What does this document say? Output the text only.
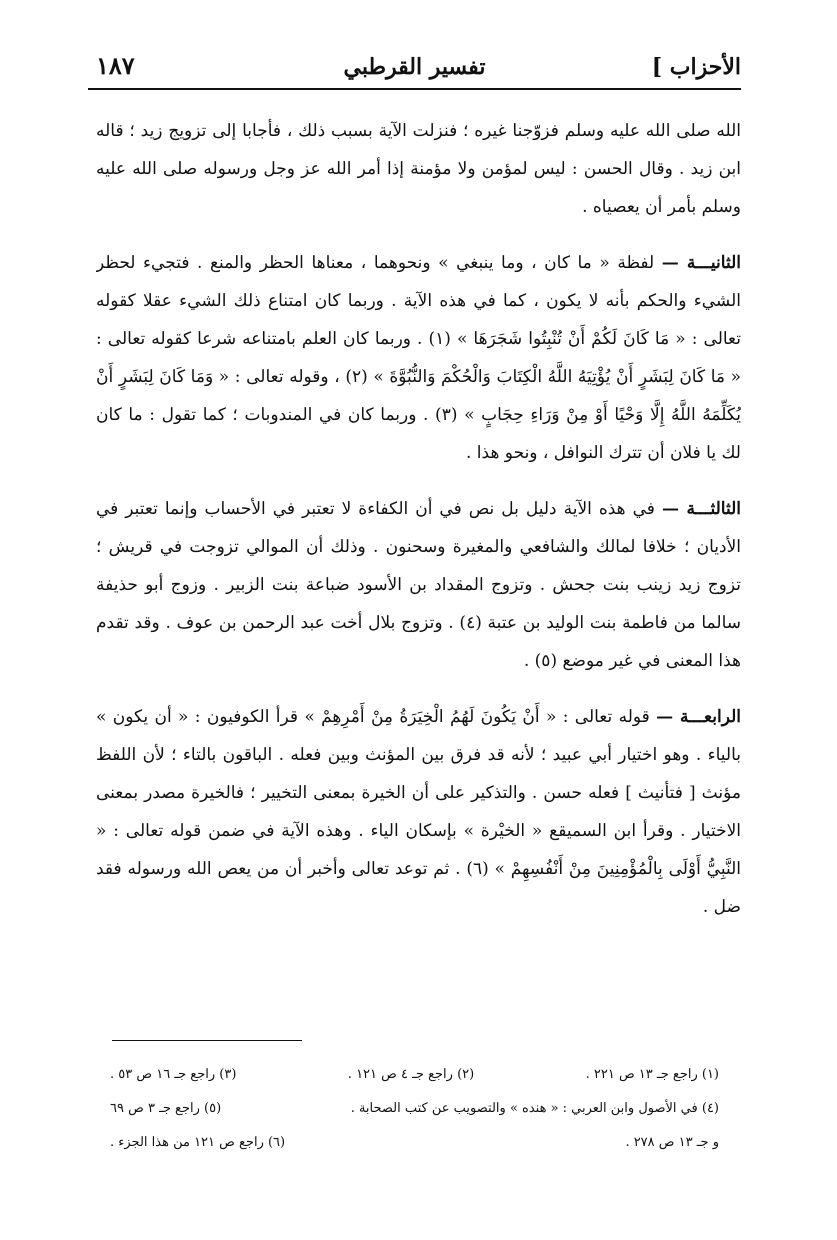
الأحزاب ]
تفسير القرطبي
١٨٧

الله صلى الله عليه وسلم فزوّجنا غيره ؛ فنزلت الآية بسبب ذلك ، فأجابا إلى تزويج زيد ؛ قاله ابن زيد . وقال الحسن : ليس لمؤمن ولا مؤمنة إذا أمر الله عز وجل ورسوله صلى الله عليه وسلم بأمر أن يعصياه .

الثانيـــة — لفظة « ما كان ، وما ينبغي » ونحوهما ، معناها الحظر والمنع . فتجيء لحظر الشيء والحكم بأنه لا يكون ، كما في هذه الآية . وربما كان امتناع ذلك الشيء عقلا كقوله تعالى : « مَا كَانَ لَكُمْ أَنْ تُنْبِتُوا شَجَرَهَا » (١) . وربما كان العلم بامتناعه شرعا كقوله تعالى : « مَا كَانَ لِبَشَرٍ أَنْ يُؤْتِيَهُ اللَّهُ الْكِتَابَ وَالْحُكْمَ وَالنُّبُوَّةَ » (٢) ، وقوله تعالى : « وَمَا كَانَ لِبَشَرٍ أَنْ يُكَلِّمَهُ اللَّهُ إِلَّا وَحْيًا أَوْ مِنْ وَرَاءِ حِجَابٍ » (٣) . وربما كان في المندوبات ؛ كما تقول : ما كان لك يا فلان أن تترك النوافل ، ونحو هذا .

الثالثـــة — في هذه الآية دليل بل نص في أن الكفاءة لا تعتبر في الأحساب وإنما تعتبر في الأديان ؛ خلافا لمالك والشافعي والمغيرة وسحنون . وذلك أن الموالي تزوجت في قريش ؛ تزوج زيد زينب بنت جحش . وتزوج المقداد بن الأسود ضباعة بنت الزبير . وزوج أبو حذيفة سالما من فاطمة بنت الوليد بن عتبة (٤) . وتزوج بلال أخت عبد الرحمن بن عوف . وقد تقدم هذا المعنى في غير موضع (٥) .

الرابعـــة — قوله تعالى : « أَنْ يَكُونَ لَهُمُ الْخِيَرَةُ مِنْ أَمْرِهِمْ » قرأ الكوفيون : « أن يكون » بالياء . وهو اختيار أبي عبيد ؛ لأنه قد فرق بين المؤنث وبين فعله . الباقون بالتاء ؛ لأن اللفظ مؤنث [ فتأنيث ] فعله حسن . والتذكير على أن الخيرة بمعنى التخيير ؛ فالخيرة مصدر بمعنى الاختيار . وقرأ ابن السميقع « الخيْرة » بإسكان الياء . وهذه الآية في ضمن قوله تعالى : « النَّبِيُّ أَوْلَى بِالْمُؤْمِنِينَ مِنْ أَنْفُسِهِمْ » (٦) . ثم توعد تعالى وأخبر أن من يعص الله ورسوله فقد ضل .

(١) راجع جـ ١٣ ص ٢٢١ .
(٢) راجع جـ ٤ ص ١٢١ .
(٣) راجع جـ ١٦ ص ٥٣ .
(٤) في الأصول وابن العربي : « هنده » والتصويب عن كتب الصحابة .
(٥) راجع جـ ٣ ص ٦٩
و جـ ١٣ ص ٢٧٨ .
(٦) راجع ص ١٢١ من هذا الجزء .
